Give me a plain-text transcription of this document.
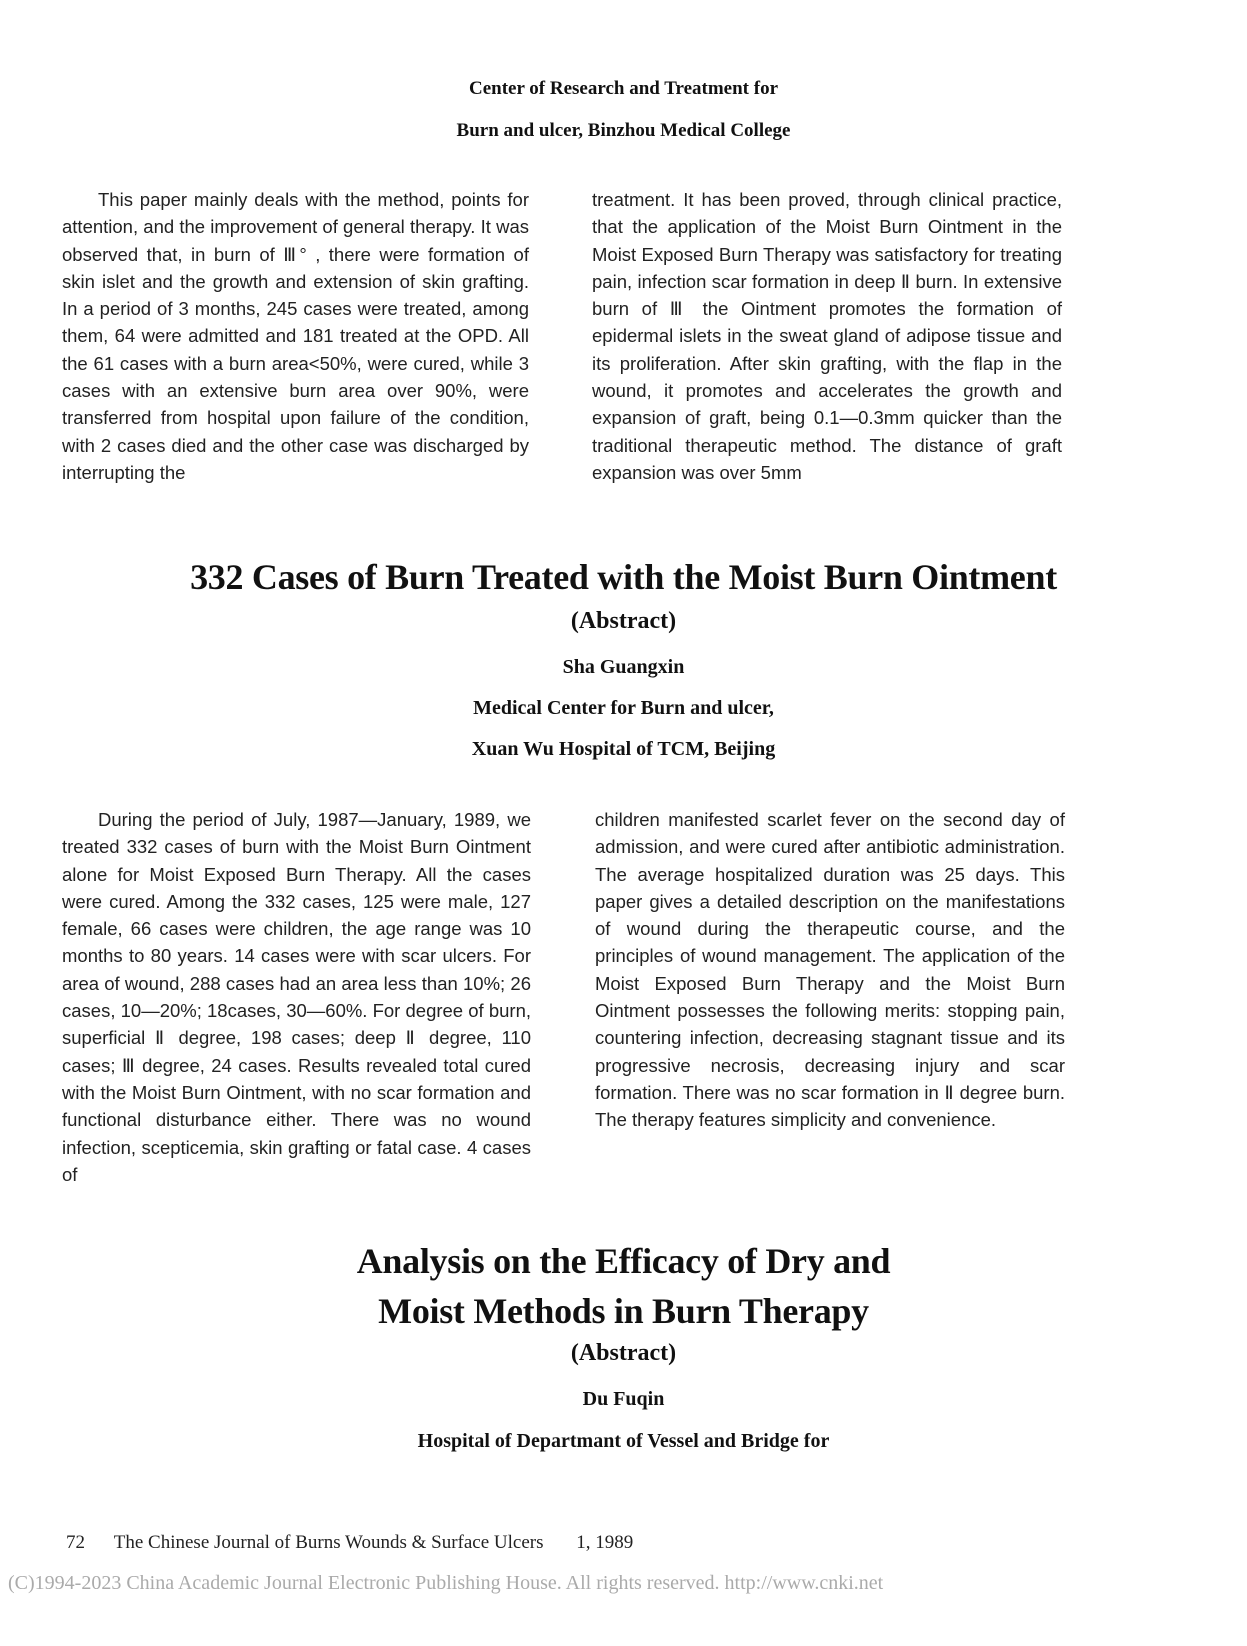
Center of Research and Treatment for
Burn and ulcer, Binzhou Medical College

This paper mainly deals with the method, points for attention, and the improvement of general therapy. It was observed that, in burn of Ⅲ° , there were formation of skin islet and the growth and extension of skin grafting. In a period of 3 months, 245 cases were treated, among them, 64 were admitted and 181 treated at the OPD. All the 61 cases with a burn area<50%, were cured, while 3 cases with an extensive burn area over 90%, were transferred from hospital upon failure of the condition, with 2 cases died and the other case was discharged by interrupting the

treatment. It has been proved, through clinical practice, that the application of the Moist Burn Ointment in the Moist Exposed Burn Therapy was satisfactory for treating pain, infection scar formation in deep Ⅱ burn. In extensive burn of Ⅲ the Ointment promotes the formation of epidermal islets in the sweat gland of adipose tissue and its proliferation. After skin grafting, with the flap in the wound, it promotes and accelerates the growth and expansion of graft, being 0.1—0.3mm quicker than the traditional therapeutic method. The distance of graft expansion was over 5mm

332 Cases of Burn Treated with the Moist Burn Ointment
(Abstract)
Sha Guangxin
Medical Center for Burn and ulcer,
Xuan Wu Hospital of TCM, Beijing

During the period of July, 1987—January, 1989, we treated 332 cases of burn with the Moist Burn Ointment alone for Moist Exposed Burn Therapy. All the cases were cured. Among the 332 cases, 125 were male, 127 female, 66 cases were children, the age range was 10 months to 80 years. 14 cases were with scar ulcers. For area of wound, 288 cases had an area less than 10%; 26 cases, 10—20%; 18cases, 30—60%. For degree of burn, superficial Ⅱ degree, 198 cases; deep Ⅱ degree, 110 cases; Ⅲ degree, 24 cases. Results revealed total cured with the Moist Burn Ointment, with no scar formation and functional disturbance either. There was no wound infection, scepticemia, skin grafting or fatal case. 4 cases of

children manifested scarlet fever on the second day of admission, and were cured after antibiotic administration. The average hospitalized duration was 25 days. This paper gives a detailed description on the manifestations of wound during the therapeutic course, and the principles of wound management. The application of the Moist Exposed Burn Therapy and the Moist Burn Ointment possesses the following merits: stopping pain, countering infection, decreasing stagnant tissue and its progressive necrosis, decreasing injury and scar formation. There was no scar formation in Ⅱ degree burn. The therapy features simplicity and convenience.

Analysis on the Efficacy of Dry and
Moist Methods in Burn Therapy
(Abstract)
Du Fuqin
Hospital of Departmant of Vessel and Bridge for
72 The Chinese Journal of Burns Wounds & Surface Ulcers 1, 1989
(C)1994-2023 China Academic Journal Electronic Publishing House. All rights reserved. http://www.cnki.net
